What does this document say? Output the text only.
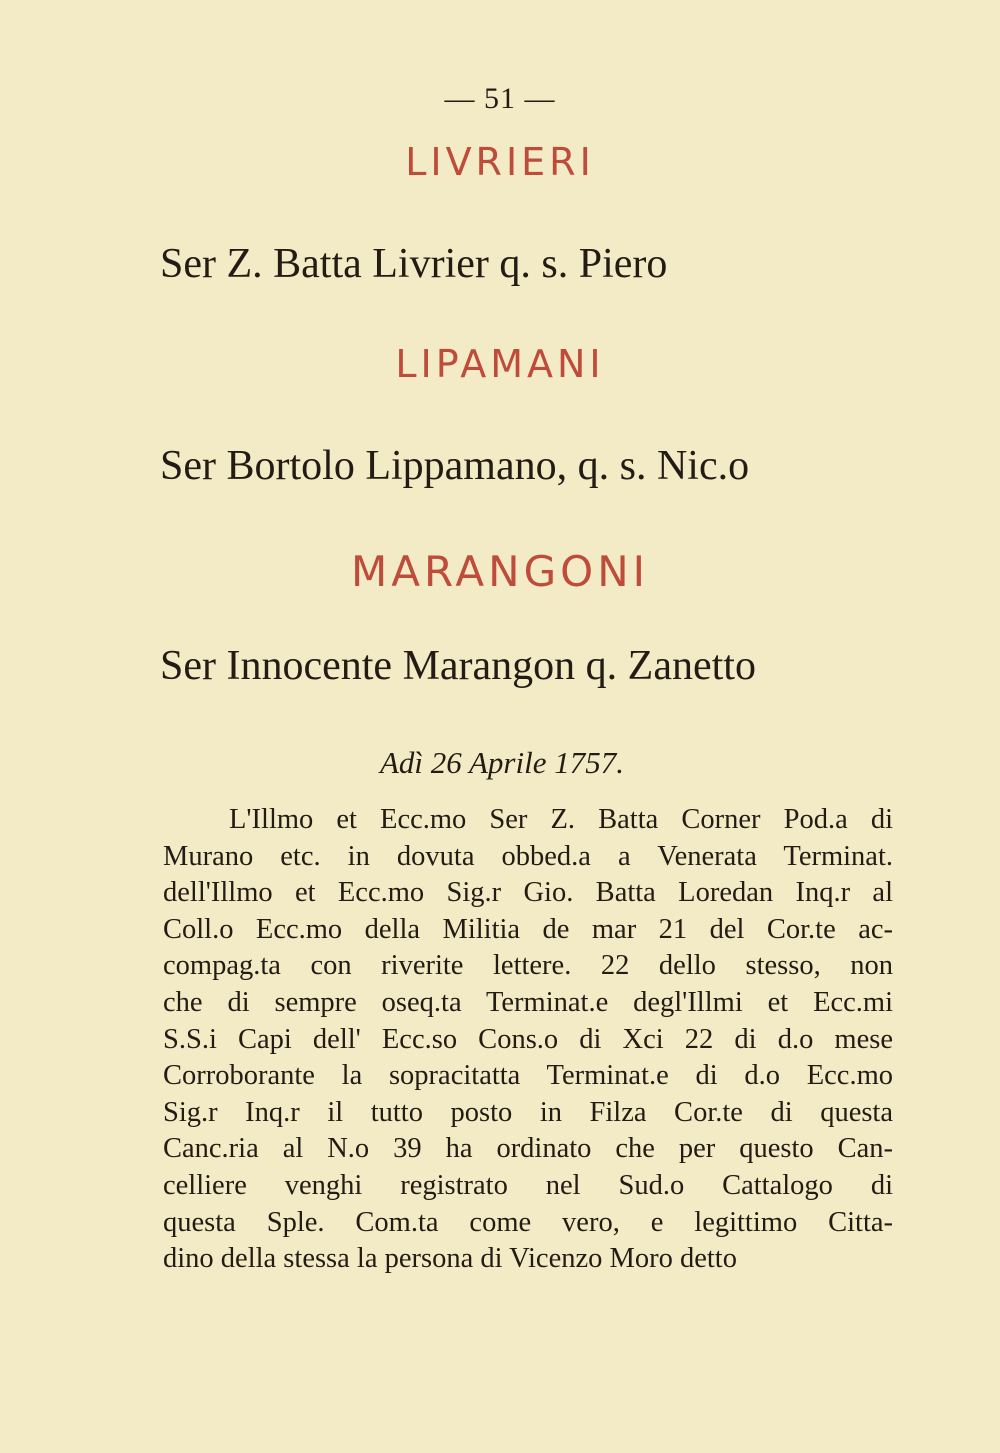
— 51 —
LIVRIERI

Ser Z. Batta Livrier q. s. Piero

LIPAMANI

Ser Bortolo Lippamano, q. s. Nic.o

MARANGONI

Ser Innocente Marangon q. Zanetto

Adì 26 Aprile 1757.

L'Illmo et Ecc.mo Ser Z. Batta Corner Pod.a di
Murano etc. in dovuta obbed.a a Venerata Terminat.
dell'Illmo et Ecc.mo Sig.r Gio. Batta Loredan Inq.r al
Coll.o Ecc.mo della Militia de mar 21 del Cor.te ac-
compag.ta con riverite lettere. 22 dello stesso, non
che di sempre oseq.ta Terminat.e degl'Illmi et Ecc.mi
S.S.i Capi dell' Ecc.so Cons.o di Xci 22 di d.o mese
Corroborante la sopracitatta Terminat.e di d.o Ecc.mo
Sig.r Inq.r il tutto posto in Filza Cor.te di questa
Canc.ria al N.o 39 ha ordinato che per questo Can-
celliere venghi registrato nel Sud.o Cattalogo di
questa Sple. Com.ta come vero, e legittimo Citta-
dino della stessa la persona di Vicenzo Moro detto
